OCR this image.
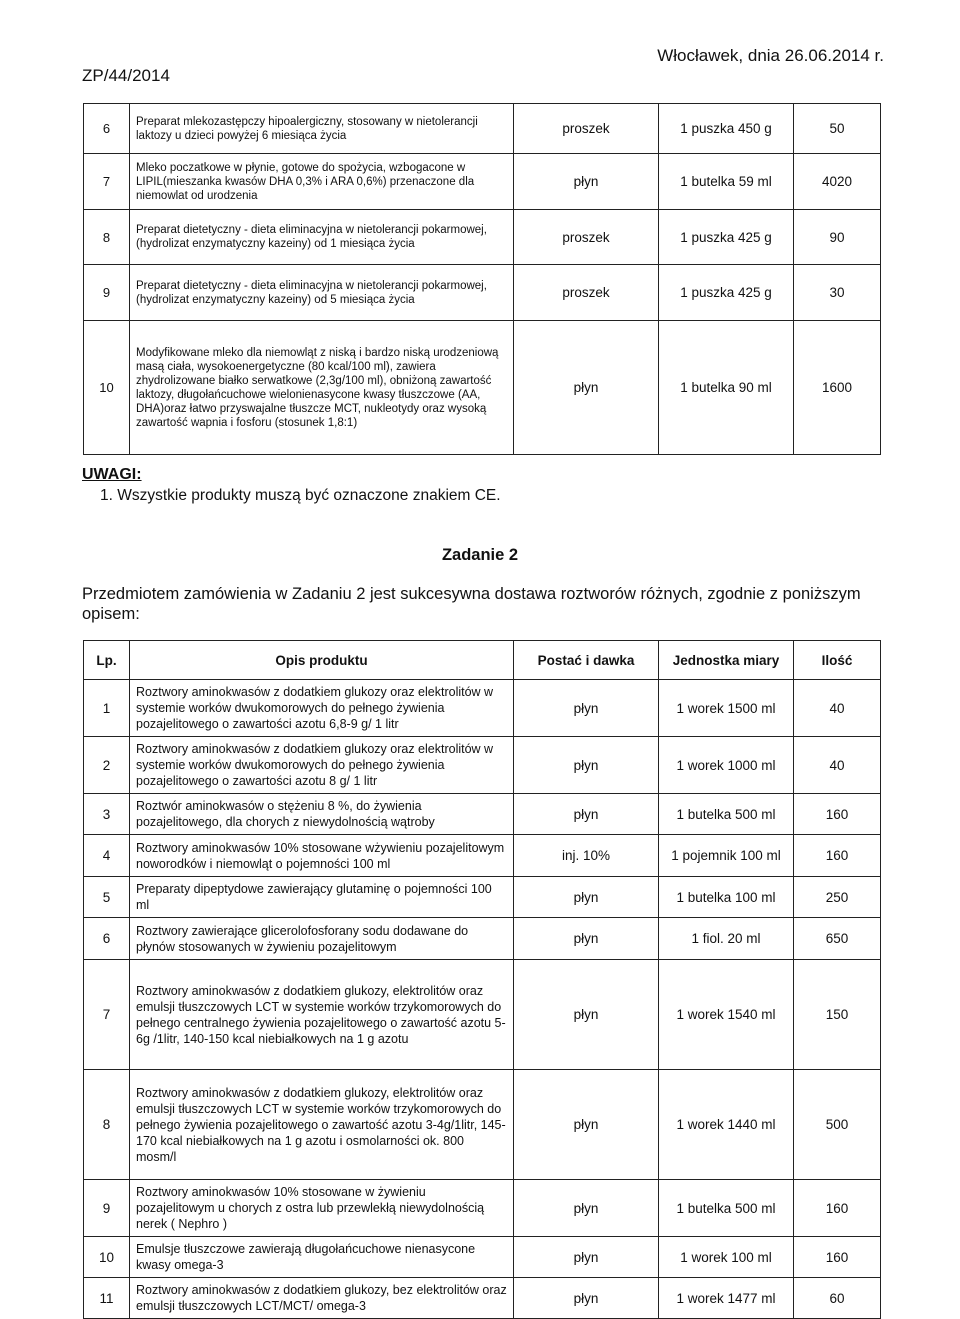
ZP/44/2014
Włocławek, dnia 26.06.2014 r.
6	Preparat mlekozastępczy hipoalergiczny, stosowany w nietolerancji laktozy u dzieci powyżej 6 miesiąca życia	proszek	1 puszka 450 g	50
7	Mleko poczatkowe w płynie, gotowe do spożycia, wzbogacone w LIPIL(mieszanka kwasów DHA 0,3% i ARA 0,6%) przenaczone dla niemowlat od urodzenia	płyn	1 butelka 59 ml	4020
8	Preparat dietetyczny - dieta eliminacyjna w nietolerancji pokarmowej, (hydrolizat enzymatyczny kazeiny) od 1 miesiąca życia	proszek	1 puszka 425 g	90
9	Preparat dietetyczny - dieta eliminacyjna w nietolerancji pokarmowej, (hydrolizat enzymatyczny kazeiny) od 5 miesiąca życia	proszek	1 puszka 425 g	30
10	Modyfikowane mleko dla niemowląt z niską i bardzo niską urodzeniową masą ciała, wysokoenergetyczne (80 kcal/100 ml), zawiera zhydrolizowane białko serwatkowe (2,3g/100 ml), obniżoną zawartość laktozy, długołańcuchowe wielonienasycone kwasy tłuszczowe (AA, DHA)oraz łatwo przyswajalne tłuszcze MCT, nukleotydy oraz wysoką zawartość wapnia i fosforu (stosunek 1,8:1)	płyn	1 butelka 90 ml	1600
UWAGI:
1. Wszystkie produkty muszą być oznaczone znakiem CE.
Zadanie 2
Przedmiotem zamówienia w Zadaniu 2 jest sukcesywna dostawa roztworów różnych, zgodnie z poniższym opisem:
Lp.	Opis produktu	Postać i dawka	Jednostka miary	Ilość
1	Roztwory aminokwasów z dodatkiem glukozy oraz elektrolitów w systemie worków dwukomorowych do pełnego żywienia pozajelitowego o zawartości azotu 6,8-9 g/ 1 litr	płyn	1 worek 1500 ml	40
2	Roztwory aminokwasów z dodatkiem glukozy oraz elektrolitów w systemie worków dwukomorowych do pełnego żywienia pozajelitowego o zawartości azotu 8 g/ 1 litr	płyn	1 worek 1000 ml	40
3	Roztwór aminokwasów o stężeniu 8 %, do żywienia pozajelitowego, dla chorych z niewydolnością wątroby	płyn	1 butelka 500 ml	160
4	Roztwory aminokwasów 10% stosowane wżywieniu pozajelitowym noworodków i niemowląt o pojemności 100 ml	inj. 10%	1 pojemnik 100 ml	160
5	Preparaty dipeptydowe zawierający glutaminę o pojemności 100 ml	płyn	1 butelka 100 ml	250
6	Roztwory zawierające glicerolofosforany sodu dodawane do płynów stosowanych w żywieniu pozajelitowym	płyn	1 fiol. 20 ml	650
7	Roztwory aminokwasów z dodatkiem glukozy, elektrolitów oraz emulsji tłuszczowych LCT w systemie worków trzykomorowych do pełnego centralnego żywienia pozajelitowego o zawartość azotu 5-6g /1litr, 140-150 kcal niebiałkowych na 1 g azotu	płyn	1 worek 1540 ml	150
8	Roztwory aminokwasów z dodatkiem glukozy, elektrolitów oraz emulsji tłuszczowych LCT w systemie worków trzykomorowych do pełnego żywienia pozajelitowego o zawartość azotu 3-4g/1litr, 145-170 kcal niebiałkowych na 1 g azotu i osmolarności ok. 800 mosm/l	płyn	1 worek 1440 ml	500
9	Roztwory aminokwasów 10% stosowane w żywieniu pozajelitowym u chorych z ostra lub przewlekłą niewydolnością nerek ( Nephro )	płyn	1 butelka 500 ml	160
10	Emulsje tłuszczowe zawierają długołańcuchowe nienasycone kwasy omega-3	płyn	1 worek 100 ml	160
11	Roztwory aminokwasów z dodatkiem glukozy, bez elektrolitów oraz emulsji tłuszczowych LCT/MCT/ omega-3	płyn	1 worek 1477 ml	60
